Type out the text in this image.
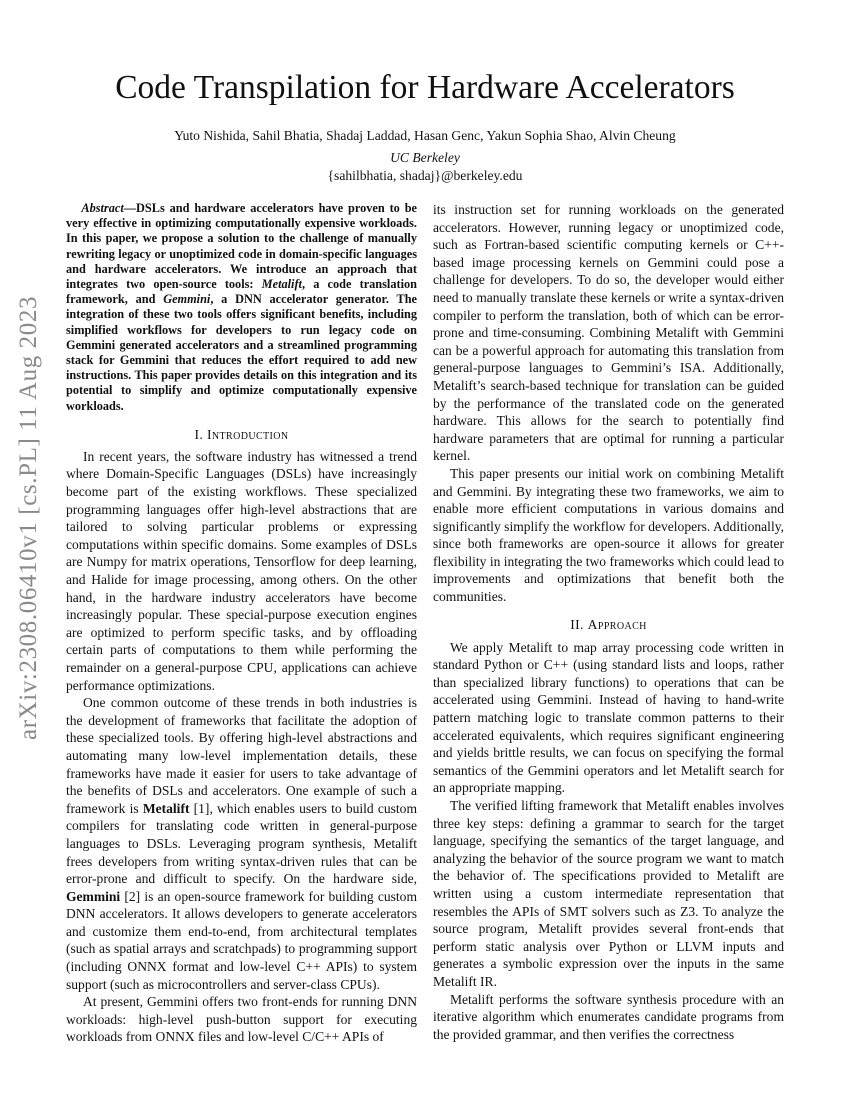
arXiv:2308.06410v1 [cs.PL] 11 Aug 2023
Code Transpilation for Hardware Accelerators
Yuto Nishida, Sahil Bhatia, Shadaj Laddad, Hasan Genc, Yakun Sophia Shao, Alvin Cheung
UC Berkeley
{sahilbhatia, shadaj}@berkeley.edu

Abstract—DSLs and hardware accelerators have proven to be very effective in optimizing computationally expensive workloads. In this paper, we propose a solution to the challenge of manually rewriting legacy or unoptimized code in domain-specific languages and hardware accelerators. We introduce an approach that integrates two open-source tools: Metalift, a code translation framework, and Gemmini, a DNN accelerator generator. The integration of these two tools offers significant benefits, including simplified workflows for developers to run legacy code on Gemmini generated accelerators and a streamlined programming stack for Gemmini that reduces the effort required to add new instructions. This paper provides details on this integration and its potential to simplify and optimize computationally expensive workloads.

I. Introduction

In recent years, the software industry has witnessed a trend where Domain-Specific Languages (DSLs) have increasingly become part of the existing workflows. These specialized programming languages offer high-level abstractions that are tailored to solving particular problems or expressing computations within specific domains. Some examples of DSLs are Numpy for matrix operations, Tensorflow for deep learning, and Halide for image processing, among others. On the other hand, in the hardware industry accelerators have become increasingly popular. These special-purpose execution engines are optimized to perform specific tasks, and by offloading certain parts of computations to them while performing the remainder on a general-purpose CPU, applications can achieve performance optimizations.

One common outcome of these trends in both industries is the development of frameworks that facilitate the adoption of these specialized tools. By offering high-level abstractions and automating many low-level implementation details, these frameworks have made it easier for users to take advantage of the benefits of DSLs and accelerators. One example of such a framework is Metalift [1], which enables users to build custom compilers for translating code written in general-purpose languages to DSLs. Leveraging program synthesis, Metalift frees developers from writing syntax-driven rules that can be error-prone and difficult to specify. On the hardware side, Gemmini [2] is an open-source framework for building custom DNN accelerators. It allows developers to generate accelerators and customize them end-to-end, from architectural templates (such as spatial arrays and scratchpads) to programming support (including ONNX format and low-level C++ APIs) to system support (such as microcontrollers and server-class CPUs).

At present, Gemmini offers two front-ends for running DNN workloads: high-level push-button support for executing workloads from ONNX files and low-level C/C++ APIs of

its instruction set for running workloads on the generated accelerators. However, running legacy or unoptimized code, such as Fortran-based scientific computing kernels or C++-based image processing kernels on Gemmini could pose a challenge for developers. To do so, the developer would either need to manually translate these kernels or write a syntax-driven compiler to perform the translation, both of which can be error-prone and time-consuming. Combining Metalift with Gemmini can be a powerful approach for automating this translation from general-purpose languages to Gemmini’s ISA. Additionally, Metalift’s search-based technique for translation can be guided by the performance of the translated code on the generated hardware. This allows for the search to potentially find hardware parameters that are optimal for running a particular kernel.

This paper presents our initial work on combining Metalift and Gemmini. By integrating these two frameworks, we aim to enable more efficient computations in various domains and significantly simplify the workflow for developers. Additionally, since both frameworks are open-source it allows for greater flexibility in integrating the two frameworks which could lead to improvements and optimizations that benefit both the communities.

II. Approach

We apply Metalift to map array processing code written in standard Python or C++ (using standard lists and loops, rather than specialized library functions) to operations that can be accelerated using Gemmini. Instead of having to hand-write pattern matching logic to translate common patterns to their accelerated equivalents, which requires significant engineering and yields brittle results, we can focus on specifying the formal semantics of the Gemmini operators and let Metalift search for an appropriate mapping.

The verified lifting framework that Metalift enables involves three key steps: defining a grammar to search for the target language, specifying the semantics of the target language, and analyzing the behavior of the source program we want to match the behavior of. The specifications provided to Metalift are written using a custom intermediate representation that resembles the APIs of SMT solvers such as Z3. To analyze the source program, Metalift provides several front-ends that perform static analysis over Python or LLVM inputs and generates a symbolic expression over the inputs in the same Metalift IR.

Metalift performs the software synthesis procedure with an iterative algorithm which enumerates candidate programs from the provided grammar, and then verifies the correctness
